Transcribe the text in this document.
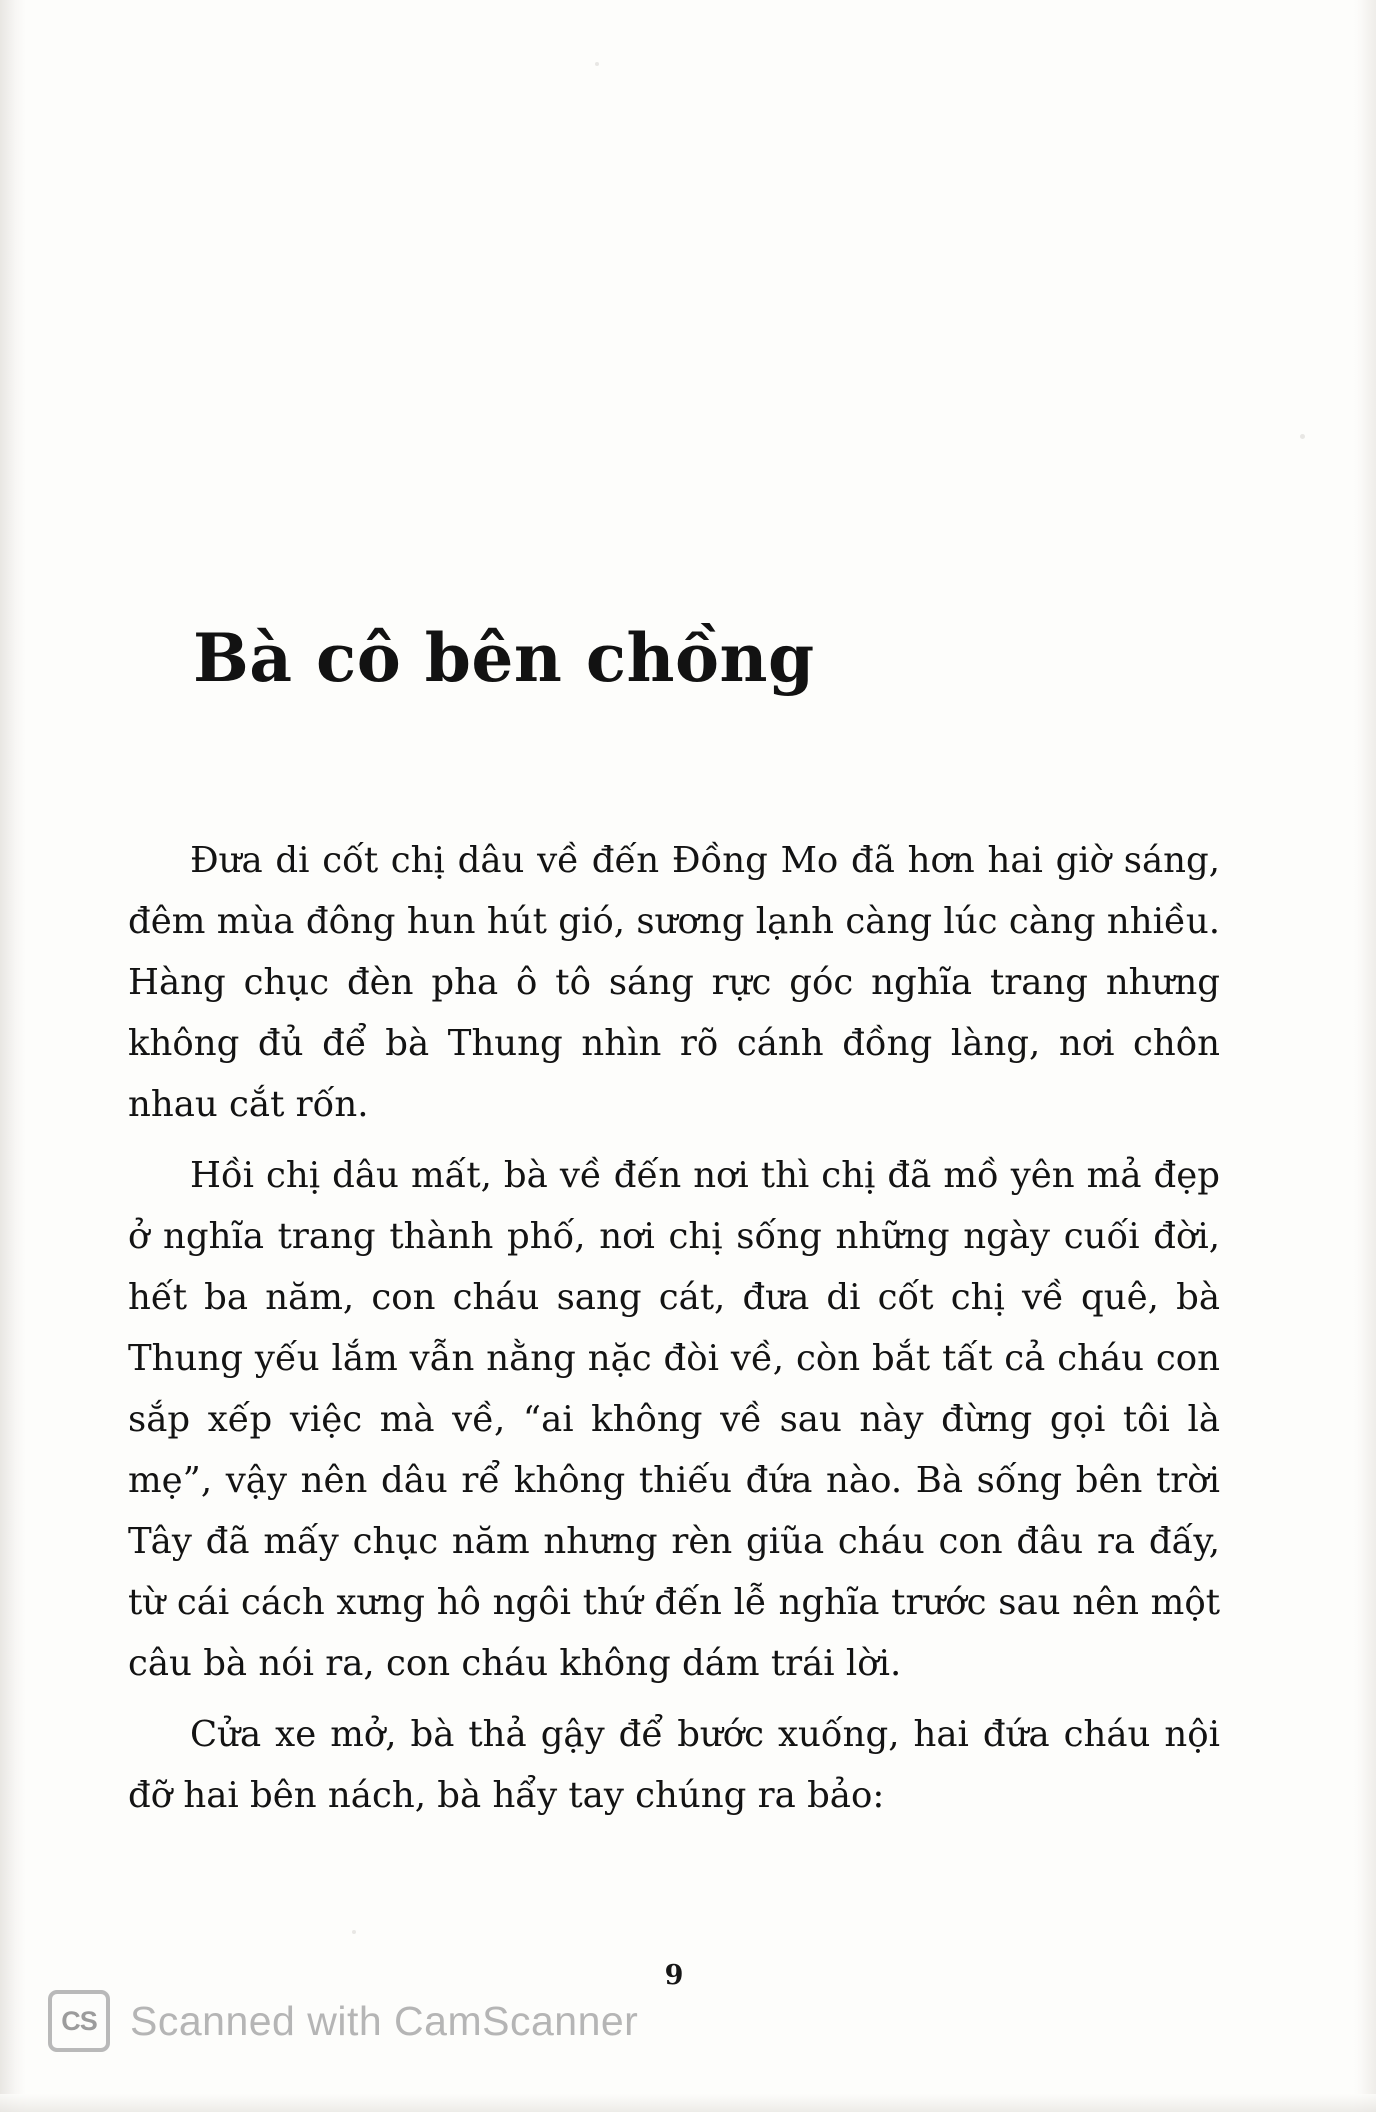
Bà cô bên chồng

Đưa di cốt chị dâu về đến Đồng Mo đã hơn hai giờ sáng, đêm mùa đông hun hút gió, sương lạnh càng lúc càng nhiều. Hàng chục đèn pha ô tô sáng rực góc nghĩa trang nhưng không đủ để bà Thung nhìn rõ cánh đồng làng, nơi chôn nhau cắt rốn.

Hồi chị dâu mất, bà về đến nơi thì chị đã mồ yên mả đẹp ở nghĩa trang thành phố, nơi chị sống những ngày cuối đời, hết ba năm, con cháu sang cát, đưa di cốt chị về quê, bà Thung yếu lắm vẫn nằng nặc đòi về, còn bắt tất cả cháu con sắp xếp việc mà về, “ai không về sau này đừng gọi tôi là mẹ”, vậy nên dâu rể không thiếu đứa nào. Bà sống bên trời Tây đã mấy chục năm nhưng rèn giũa cháu con đâu ra đấy, từ cái cách xưng hô ngôi thứ đến lễ nghĩa trước sau nên một câu bà nói ra, con cháu không dám trái lời.

Cửa xe mở, bà thả gậy để bước xuống, hai đứa cháu nội đỡ hai bên nách, bà hẩy tay chúng ra bảo:

9
CS Scanned with CamScanner
